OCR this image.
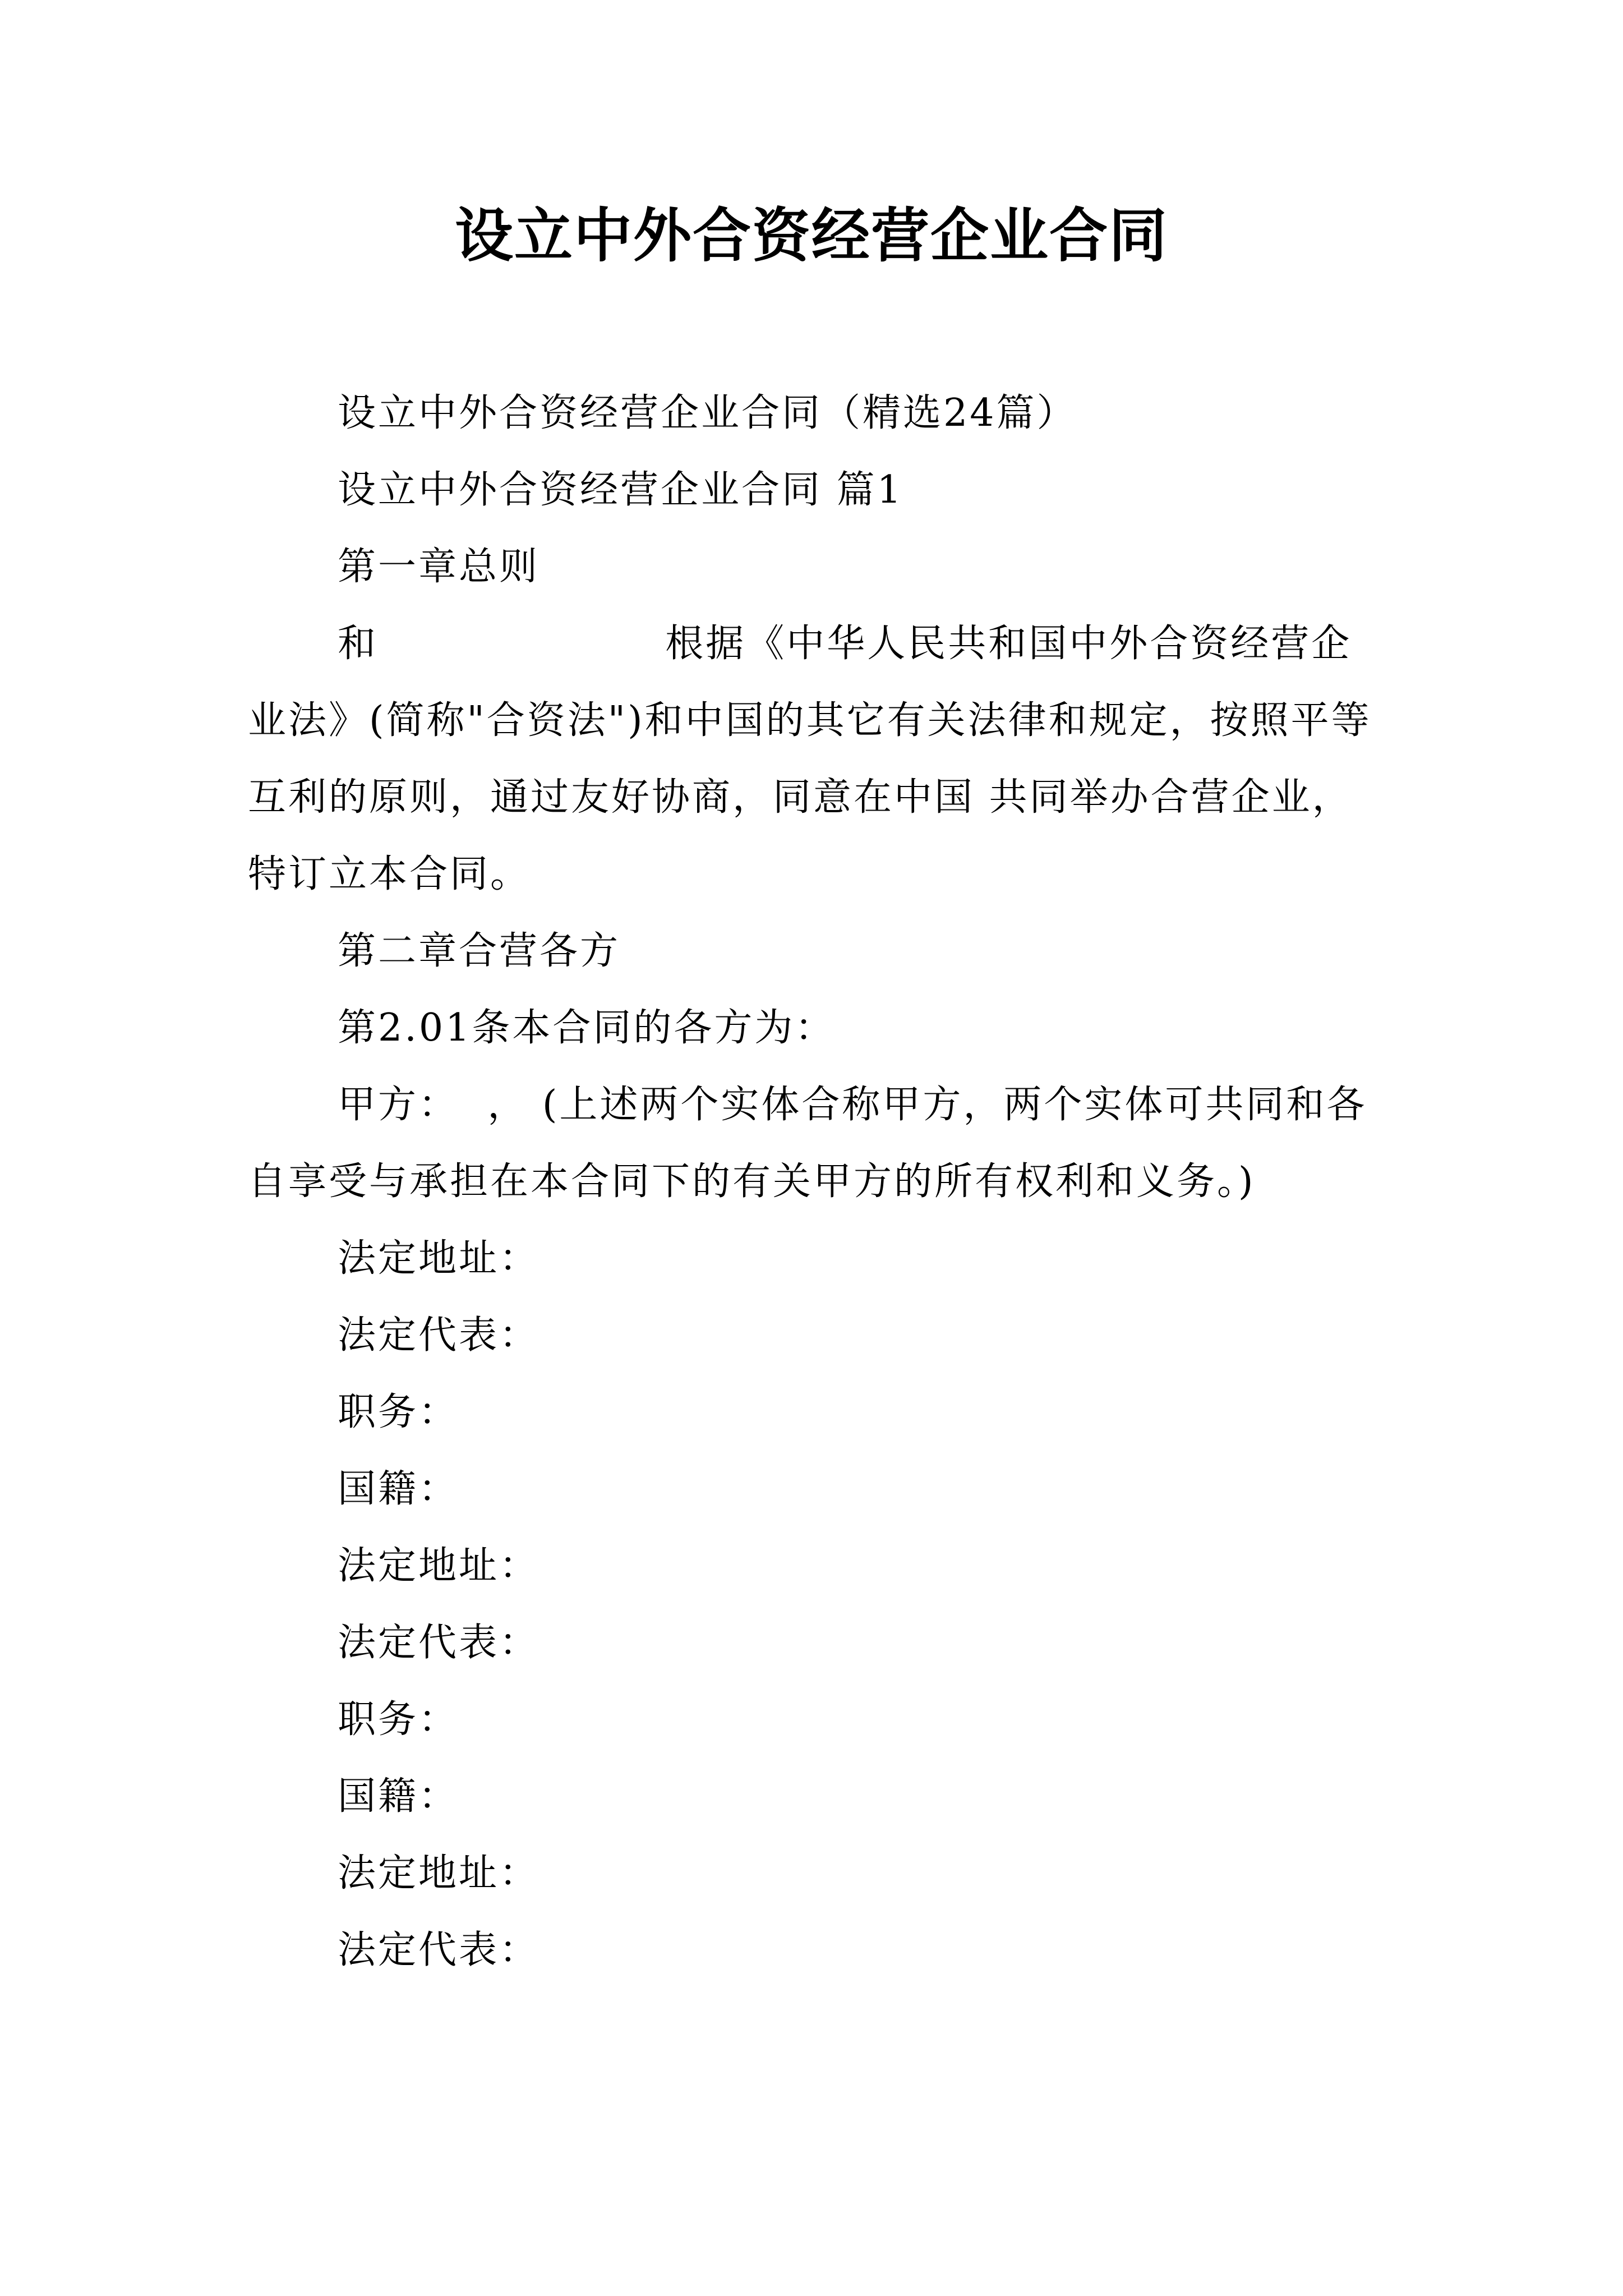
设立中外合资经营企业合同

设立中外合资经营企业合同（精选24篇）

设立中外合资经营企业合同 篇1

第一章总则

和                    根据《中华人民共和国中外合资经营企业法》(简称"合资法")和中国的其它有关法律和规定，按照平等互利的原则，通过友好协商，同意在中国 共同举办合营企业，特订立本合同。

第二章合营各方

第2.01条本合同的各方为：

甲方：  ， (上述两个实体合称甲方，两个实体可共同和各自享受与承担在本合同下的有关甲方的所有权利和义务。)

法定地址：

法定代表：

职务：

国籍：

法定地址：

法定代表：

职务：

国籍：

法定地址：

法定代表：
